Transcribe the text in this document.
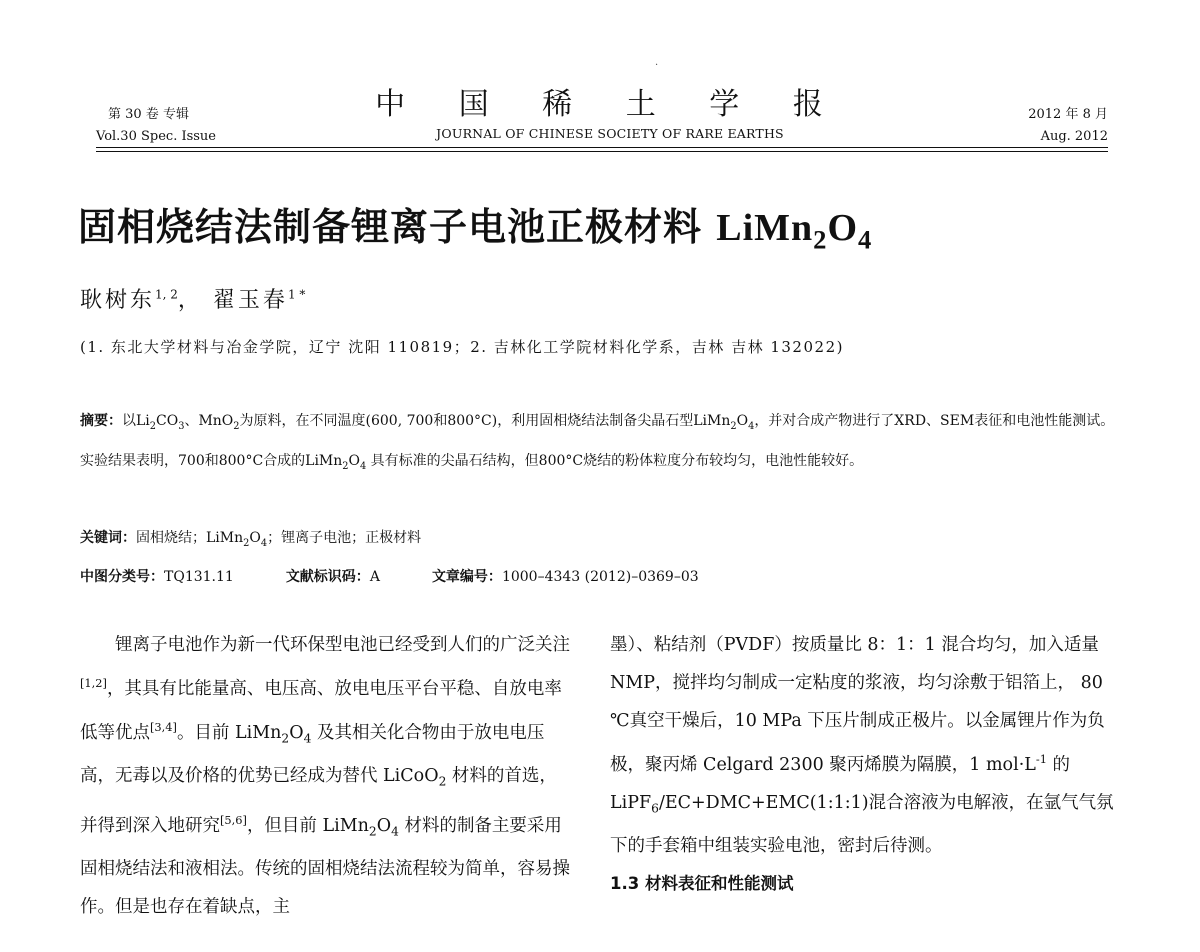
·
第 30 卷 专辑
Vol.30 Spec. Issue
中 国 稀 土 学 报
JOURNAL OF CHINESE SOCIETY OF RARE EARTHS
2012 年 8 月
Aug. 2012
固相烧结法制备锂离子电池正极材料 $LiMn_2O_4$
耿树东$^{1, 2}$， 翟玉春$^{1 *}$
(1. 东北大学材料与冶金学院，辽宁 沈阳 110819；2. 吉林化工学院材料化学系，吉林 吉林 132022)
摘要：以$Li_2CO_3$、MnO$_2$为原料，在不同温度(600, 700和800°C)，利用固相烧结法制备尖晶石型$LiMn_2O_4$，并对合成产物进行了XRD、SEM表征和电池性能测试。实验结果表明，700和800°C合成的$LiMn_2O_4$ 具有标准的尖晶石结构，但800°C烧结的粉体粒度分布较均匀，电池性能较好。
关键词：固相烧结；$LiMn_2O_4$；锂离子电池；正极材料
中图分类号：TQ131.11	文献标识码：A	文章编号：1000–4343 (2012)–0369–03
锂离子电池作为新一代环保型电池已经受到人们的广泛关注[1,2]，其具有比能量高、电压高、放电电压平台平稳、自放电率低等优点[3,4]。目前 $LiMn_2O_4$ 及其相关化合物由于放电电压高，无毒以及价格的优势已经成为替代 LiCoO$_2$ 材料的首选，并得到深入地研究[5,6]，但目前 $LiMn_2O_4$ 材料的制备主要采用固相烧结法和液相法。传统的固相烧结法流程较为简单，容易操作。但是也存在着缺点，主
墨）、粘结剂（PVDF）按质量比 8：1：1 混合均匀，加入适量 NMP，搅拌均匀制成一定粘度的浆液，均匀涂敷于铝箔上， 80 ℃真空干燥后，10 MPa 下压片制成正极片。以金属锂片作为负极，聚丙烯 Celgard 2300 聚丙烯膜为隔膜，1 $mol\cdot L^{-1}$ 的 LiPF$_6$/EC+DMC+EMC(1:1:1)混合溶液为电解液，在氩气气氛下的手套箱中组装实验电池，密封后待测。
1.3 材料表征和性能测试
